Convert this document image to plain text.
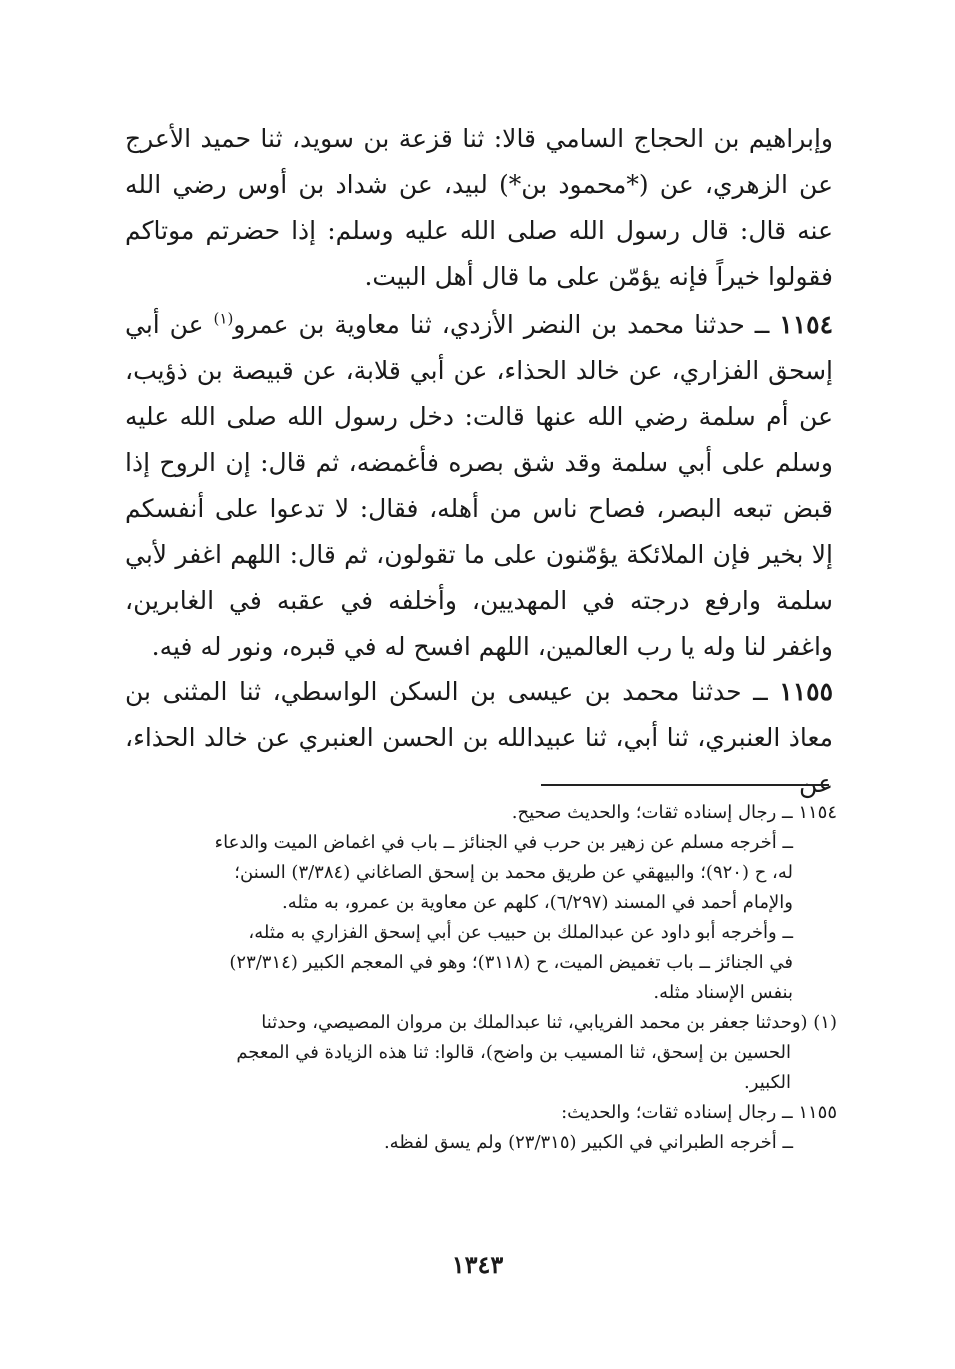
وإبراهيم بن الحجاج السامي قالا: ثنا قزعة بن سويد، ثنا حميد الأعرج عن الزهري، عن (*محمود بن*) لبيد، عن شداد بن أوس رضي الله عنه قال: قال رسول الله صلى الله عليه وسلم: إذا حضرتم موتاكم فقولوا خيراً فإنه يؤمّن على ما قال أهل البيت.

١١٥٤ ــ حدثنا محمد بن النضر الأزدي، ثنا معاوية بن عمرو$^{(١)}$ عن أبي إسحق الفزاري، عن خالد الحذاء، عن أبي قلابة، عن قبيصة بن ذؤيب، عن أم سلمة رضي الله عنها قالت: دخل رسول الله صلى الله عليه وسلم على أبي سلمة وقد شق بصره فأغمضه، ثم قال: إن الروح إذا قبض تبعه البصر، فصاح ناس من أهله، فقال: لا تدعوا على أنفسكم إلا بخير فإن الملائكة يؤمّنون على ما تقولون، ثم قال: اللهم اغفر لأبي سلمة وارفع درجته في المهديين، وأخلفه في عقبه في الغابرين، واغفر لنا وله يا رب العالمين، اللهم افسح له في قبره، ونور له فيه.

١١٥٥ ــ حدثنا محمد بن عيسى بن السكن الواسطي، ثنا المثنى بن معاذ العنبري، ثنا أبي، ثنا عبيدالله بن الحسن العنبري عن خالد الحذاء، عن

١١٥٤ ــ رجال إسناده ثقات؛ والحديث صحيح.

ــ أخرجه مسلم عن زهير بن حرب في الجنائز ــ باب في اغماض الميت والدعاء

له، ح (٩٢٠)؛ والبيهقي عن طريق محمد بن إسحق الصاغاني (٣/٣٨٤) السنن؛

والإمام أحمد في المسند (٦/٢٩٧)، كلهم عن معاوية بن عمرو، به مثله.

ــ وأخرجه أبو داود عن عبدالملك بن حبيب عن أبي إسحق الفزاري به مثله،

في الجنائز ــ باب تغميض الميت، ح (٣١١٨)؛ وهو في المعجم الكبير (٢٣/٣١٤)

بنفس الإسناد مثله.

(١) (وحدثنا جعفر بن محمد الفريابي، ثنا عبدالملك بن مروان المصيصي، وحدثنا

الحسين بن إسحق، ثنا المسيب بن واضح)، قالوا: ثنا هذه الزيادة في المعجم

الكبير.

١١٥٥ ــ رجال إسناده ثقات؛ والحديث:

ــ أخرجه الطبراني في الكبير (٢٣/٣١٥) ولم يسق لفظه.

١٣٤٣
